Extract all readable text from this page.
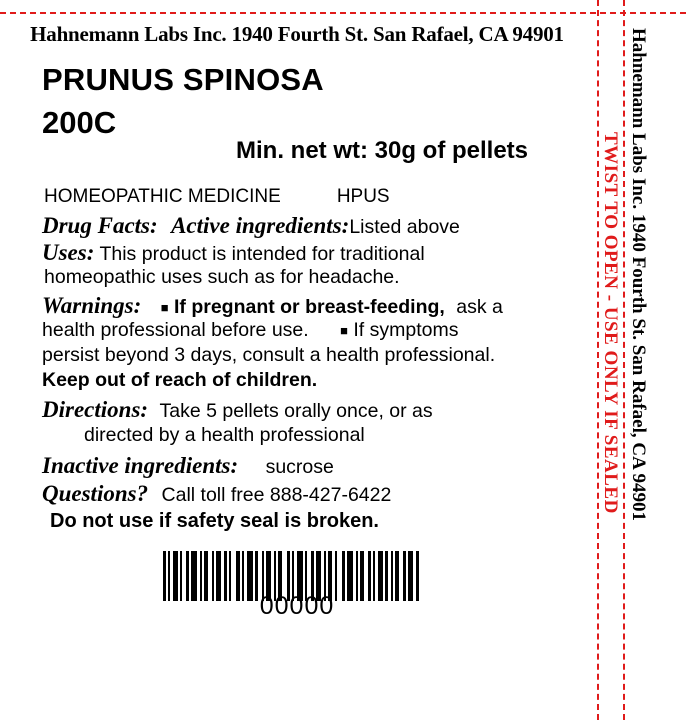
Hahnemann Labs Inc. 1940 Fourth St. San Rafael, CA 94901
PRUNUS SPINOSA
200C
Min. net wt: 30g of pellets
HOMEOPATHIC MEDICINE	HPUS
Drug Facts: Active ingredients:Listed above
Uses: This product is intended for traditional
homeopathic uses such as for headache.
Warnings: ■ If pregnant or breast-feeding, ask a
health professional before use. ■ If symptoms
persist beyond 3 days, consult a health professional.
Keep out of reach of children.
Directions: Take 5 pellets orally once, or as
directed by a health professional
Inactive ingredients: sucrose
Questions? Call toll free 888-427-6422
Do not use if safety seal is broken.
00000
Hahnemann Labs Inc. 1940 Fourth St. San Rafael, CA 94901
TWIST TO OPEN - USE ONLY IF SEALED
